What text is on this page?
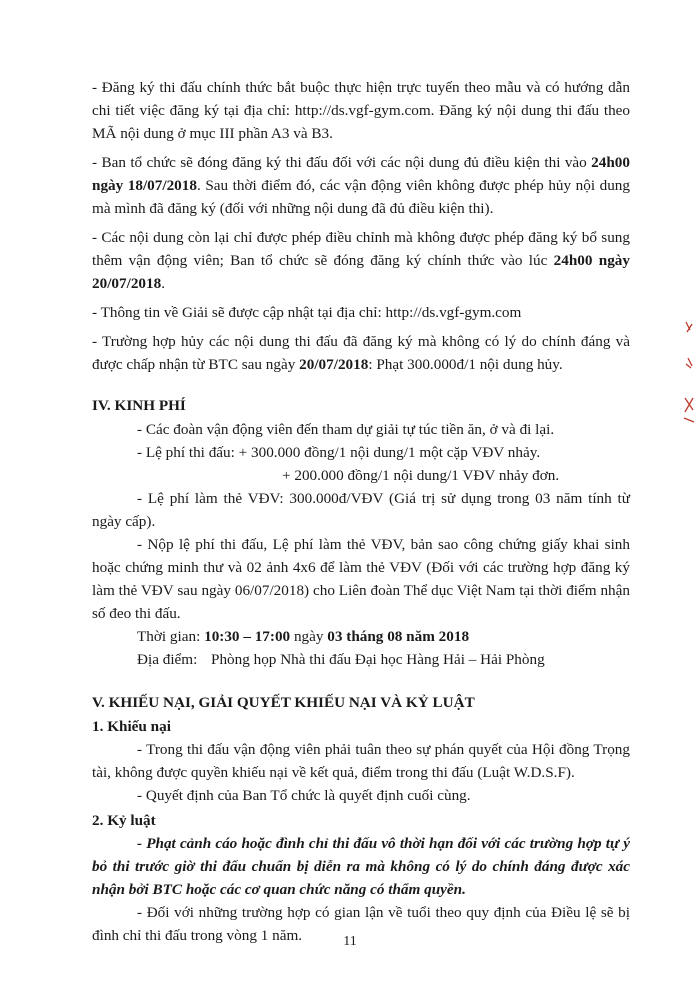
- Đăng ký thi đấu chính thức bắt buộc thực hiện trực tuyến theo mẫu và có hướng dẫn chi tiết việc đăng ký tại địa chỉ: http://ds.vgf-gym.com. Đăng ký nội dung thi đấu theo MÃ nội dung ở mục III phần A3 và B3.

- Ban tổ chức sẽ đóng đăng ký thi đấu đối với các nội dung đủ điều kiện thi vào 24h00 ngày 18/07/2018. Sau thời điểm đó, các vận động viên không được phép hủy nội dung mà mình đã đăng ký (đối với những nội dung đã đủ điều kiện thi).

- Các nội dung còn lại chỉ được phép điều chỉnh mà không được phép đăng ký bổ sung thêm vận động viên; Ban tổ chức sẽ đóng đăng ký chính thức vào lúc 24h00 ngày 20/07/2018.

- Thông tin về Giải sẽ được cập nhật tại địa chỉ: http://ds.vgf-gym.com

- Trường hợp hủy các nội dung thi đấu đã đăng ký mà không có lý do chính đáng và được chấp nhận từ BTC sau ngày 20/07/2018: Phạt 300.000đ/1 nội dung hủy.

IV. KINH PHÍ

- Các đoàn vận động viên đến tham dự giải tự túc tiền ăn, ở và đi lại.

- Lệ phí thi đấu: + 300.000 đồng/1 nội dung/1 một cặp VĐV nhảy.

+ 200.000 đồng/1 nội dung/1 VĐV nhảy đơn.

- Lệ phí làm thẻ VĐV: 300.000đ/VĐV (Giá trị sử dụng trong 03 năm tính từ ngày cấp).

- Nộp lệ phí thi đấu, Lệ phí làm thẻ VĐV, bản sao công chứng giấy khai sinh hoặc chứng minh thư và 02 ảnh 4x6 để làm thẻ VĐV (Đối với các trường hợp đăng ký làm thẻ VĐV sau ngày 06/07/2018) cho Liên đoàn Thể dục Việt Nam tại thời điểm nhận số đeo thi đấu.

Thời gian: 10:30 – 17:00 ngày 03 tháng 08 năm 2018

Địa điểm: Phòng họp Nhà thi đấu Đại học Hàng Hải – Hải Phòng

V. KHIẾU NẠI, GIẢI QUYẾT KHIẾU NẠI VÀ KỶ LUẬT

1. Khiếu nại

- Trong thi đấu vận động viên phải tuân theo sự phán quyết của Hội đồng Trọng tài, không được quyền khiếu nại về kết quả, điểm trong thi đấu (Luật W.D.S.F).

- Quyết định của Ban Tổ chức là quyết định cuối cùng.

2. Kỷ luật

- Phạt cảnh cáo hoặc đình chỉ thi đấu vô thời hạn đối với các trường hợp tự ý bỏ thi trước giờ thi đấu chuẩn bị diễn ra mà không có lý do chính đáng được xác nhận bởi BTC hoặc các cơ quan chức năng có thẩm quyền.

- Đối với những trường hợp có gian lận về tuổi theo quy định của Điều lệ sẽ bị đình chỉ thi đấu trong vòng 1 năm.	11
